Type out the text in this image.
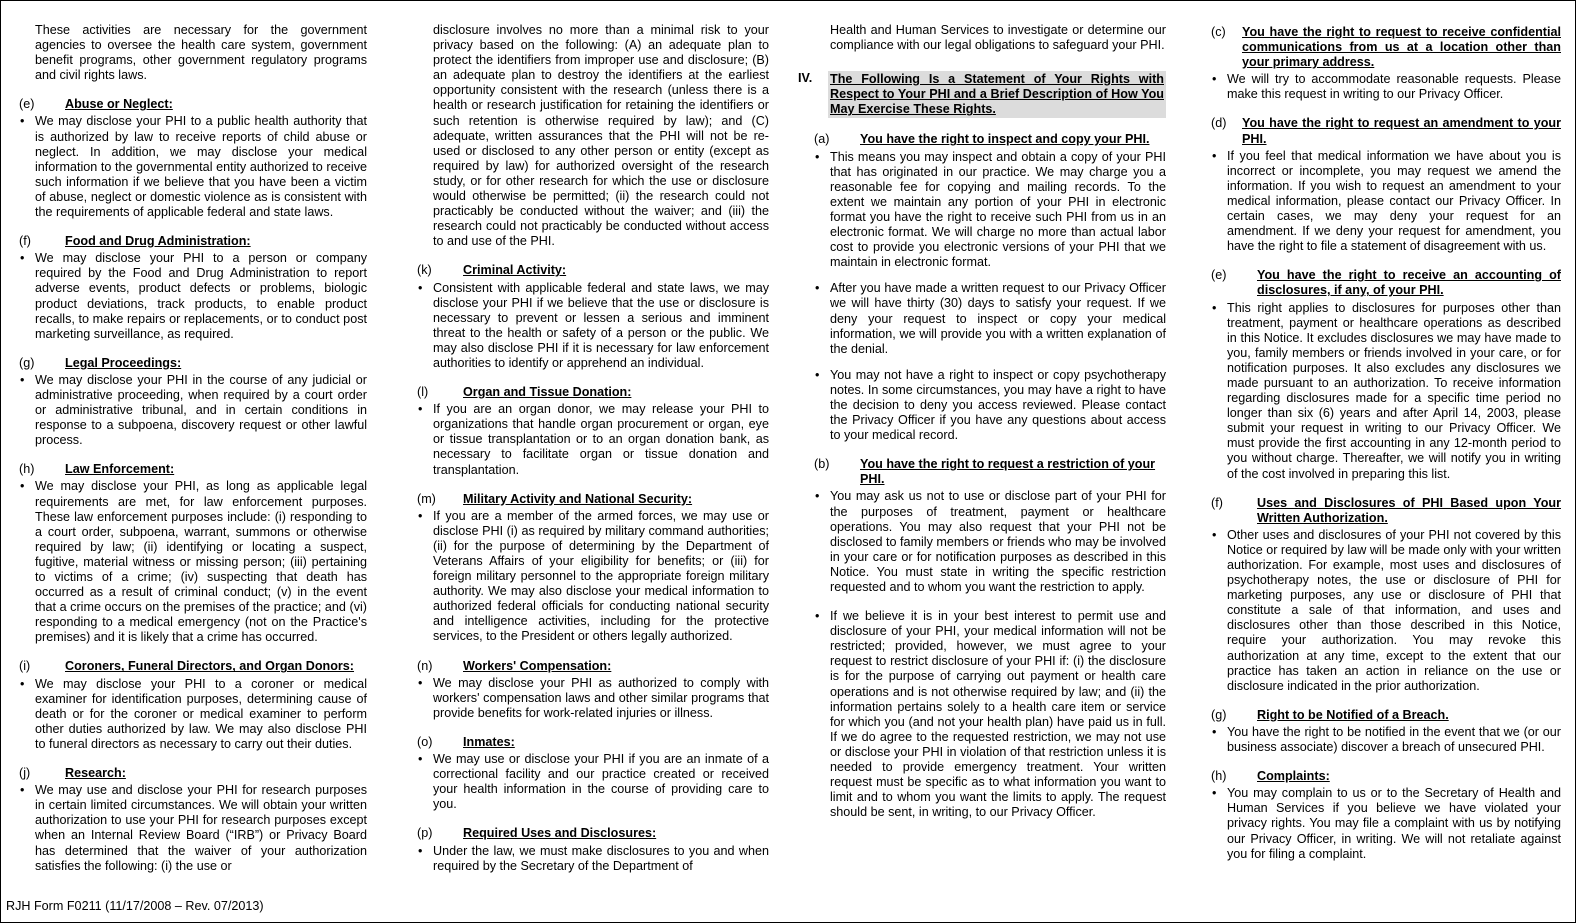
These activities are necessary for the government agencies to oversee the health care system, government benefit programs, other government regulatory programs and civil rights laws.

(e)	Abuse or Neglect:

• We may disclose your PHI to a public health authority that is authorized by law to receive reports of child abuse or neglect. In addition, we may disclose your medical information to the governmental entity authorized to receive such information if we believe that you have been a victim of abuse, neglect or domestic violence as is consistent with the requirements of applicable federal and state laws.

(f)	Food and Drug Administration:

• We may disclose your PHI to a person or company required by the Food and Drug Administration to report adverse events, product defects or problems, biologic product deviations, track products, to enable product recalls, to make repairs or replacements, or to conduct post marketing surveillance, as required.

(g)	Legal Proceedings:

• We may disclose your PHI in the course of any judicial or administrative proceeding, when required by a court order or administrative tribunal, and in certain conditions in response to a subpoena, discovery request or other lawful process.

(h)	Law Enforcement:

• We may disclose your PHI, as long as applicable legal requirements are met, for law enforcement purposes. These law enforcement purposes include: (i) responding to a court order, subpoena, warrant, summons or otherwise required by law; (ii) identifying or locating a suspect, fugitive, material witness or missing person; (iii) pertaining to victims of a crime; (iv) suspecting that death has occurred as a result of criminal conduct; (v) in the event that a crime occurs on the premises of the practice; and (vi) responding to a medical emergency (not on the Practice's premises) and it is likely that a crime has occurred.

(i)	Coroners, Funeral Directors, and Organ Donors:

• We may disclose your PHI to a coroner or medical examiner for identification purposes, determining cause of death or for the coroner or medical examiner to perform other duties authorized by law. We may also disclose PHI to funeral directors as necessary to carry out their duties.

(j)	Research:

• We may use and disclose your PHI for research purposes in certain limited circumstances. We will obtain your written authorization to use your PHI for research purposes except when an Internal Review Board (“IRB”) or Privacy Board has determined that the waiver of your authorization satisfies the following: (i) the use or

disclosure involves no more than a minimal risk to your privacy based on the following: (A) an adequate plan to protect the identifiers from improper use and disclosure; (B) an adequate plan to destroy the identifiers at the earliest opportunity consistent with the research (unless there is a health or research justification for retaining the identifiers or such retention is otherwise required by law); and (C) adequate, written assurances that the PHI will not be re-used or disclosed to any other person or entity (except as required by law) for authorized oversight of the research study, or for other research for which the use or disclosure would otherwise be permitted; (ii) the research could not practicably be conducted without the waiver; and (iii) the research could not practicably be conducted without access to and use of the PHI.

(k)	Criminal Activity:

• Consistent with applicable federal and state laws, we may disclose your PHI if we believe that the use or disclosure is necessary to prevent or lessen a serious and imminent threat to the health or safety of a person or the public. We may also disclose PHI if it is necessary for law enforcement authorities to identify or apprehend an individual.

(l)	Organ and Tissue Donation:

• If you are an organ donor, we may release your PHI to organizations that handle organ procurement or organ, eye or tissue transplantation or to an organ donation bank, as necessary to facilitate organ or tissue donation and transplantation.

(m)	Military Activity and National Security:

• If you are a member of the armed forces, we may use or disclose PHI (i) as required by military command authorities; (ii) for the purpose of determining by the Department of Veterans Affairs of your eligibility for benefits; or (iii) for foreign military personnel to the appropriate foreign military authority. We may also disclose your medical information to authorized federal officials for conducting national security and intelligence activities, including for the protective services, to the President or others legally authorized.

(n)	Workers' Compensation:

• We may disclose your PHI as authorized to comply with workers' compensation laws and other similar programs that provide benefits for work-related injuries or illness.

(o)	Inmates:

• We may use or disclose your PHI if you are an inmate of a correctional facility and our practice created or received your health information in the course of providing care to you.

(p)	Required Uses and Disclosures:

• Under the law, we must make disclosures to you and when required by the Secretary of the Department of

Health and Human Services to investigate or determine our compliance with our legal obligations to safeguard your PHI.

IV.	The Following Is a Statement of Your Rights with Respect to Your PHI and a Brief Description of How You May Exercise These Rights.
(a)	You have the right to inspect and copy your PHI.

• This means you may inspect and obtain a copy of your PHI that has originated in our practice. We may charge you a reasonable fee for copying and mailing records. To the extent we maintain any portion of your PHI in electronic format you have the right to receive such PHI from us in an electronic format. We will charge no more than actual labor cost to provide you electronic versions of your PHI that we maintain in electronic format.

• After you have made a written request to our Privacy Officer we will have thirty (30) days to satisfy your request. If we deny your request to inspect or copy your medical information, we will provide you with a written explanation of the denial.

• You may not have a right to inspect or copy psychotherapy notes. In some circumstances, you may have a right to have the decision to deny you access reviewed. Please contact the Privacy Officer if you have any questions about access to your medical record.

(b)	You have the right to request a restriction of your PHI.

• You may ask us not to use or disclose part of your PHI for the purposes of treatment, payment or healthcare operations. You may also request that your PHI not be disclosed to family members or friends who may be involved in your care or for notification purposes as described in this Notice. You must state in writing the specific restriction requested and to whom you want the restriction to apply.

• If we believe it is in your best interest to permit use and disclosure of your PHI, your medical information will not be restricted; provided, however, we must agree to your request to restrict disclosure of your PHI if: (i) the disclosure is for the purpose of carrying out payment or health care operations and is not otherwise required by law; and (ii) the information pertains solely to a health care item or service for which you (and not your health plan) have paid us in full. If we do agree to the requested restriction, we may not use or disclose your PHI in violation of that restriction unless it is needed to provide emergency treatment. Your written request must be specific as to what information you want to limit and to whom you want the limits to apply. The request should be sent, in writing, to our Privacy Officer.

(c)	You have the right to request to receive confidential communications from us at a location other than your primary address.

• We will try to accommodate reasonable requests. Please make this request in writing to our Privacy Officer.

(d)	You have the right to request an amendment to your PHI.

• If you feel that medical information we have about you is incorrect or incomplete, you may request we amend the information. If you wish to request an amendment to your medical information, please contact our Privacy Officer. In certain cases, we may deny your request for an amendment. If we deny your request for amendment, you have the right to file a statement of disagreement with us.

(e)	You have the right to receive an accounting of disclosures, if any, of your PHI.

• This right applies to disclosures for purposes other than treatment, payment or healthcare operations as described in this Notice. It excludes disclosures we may have made to you, family members or friends involved in your care, or for notification purposes. It also excludes any disclosures we made pursuant to an authorization. To receive information regarding disclosures made for a specific time period no longer than six (6) years and after April 14, 2003, please submit your request in writing to our Privacy Officer. We must provide the first accounting in any 12-month period to you without charge. Thereafter, we will notify you in writing of the cost involved in preparing this list.

(f)	Uses and Disclosures of PHI Based upon Your Written Authorization.

• Other uses and disclosures of your PHI not covered by this Notice or required by law will be made only with your written authorization. For example, most uses and disclosures of psychotherapy notes, the use or disclosure of PHI for marketing purposes, any use or disclosure of PHI that constitute a sale of that information, and uses and disclosures other than those described in this Notice, require your authorization. You may revoke this authorization at any time, except to the extent that our practice has taken an action in reliance on the use or disclosure indicated in the prior authorization.

(g)	Right to be Notified of a Breach.

• You have the right to be notified in the event that we (or our business associate) discover a breach of unsecured PHI.

(h)	Complaints:

• You may complain to us or to the Secretary of Health and Human Services if you believe we have violated your privacy rights. You may file a complaint with us by notifying our Privacy Officer, in writing. We will not retaliate against you for filing a complaint.

RJH Form F0211 (11/17/2008 – Rev. 07/2013)
